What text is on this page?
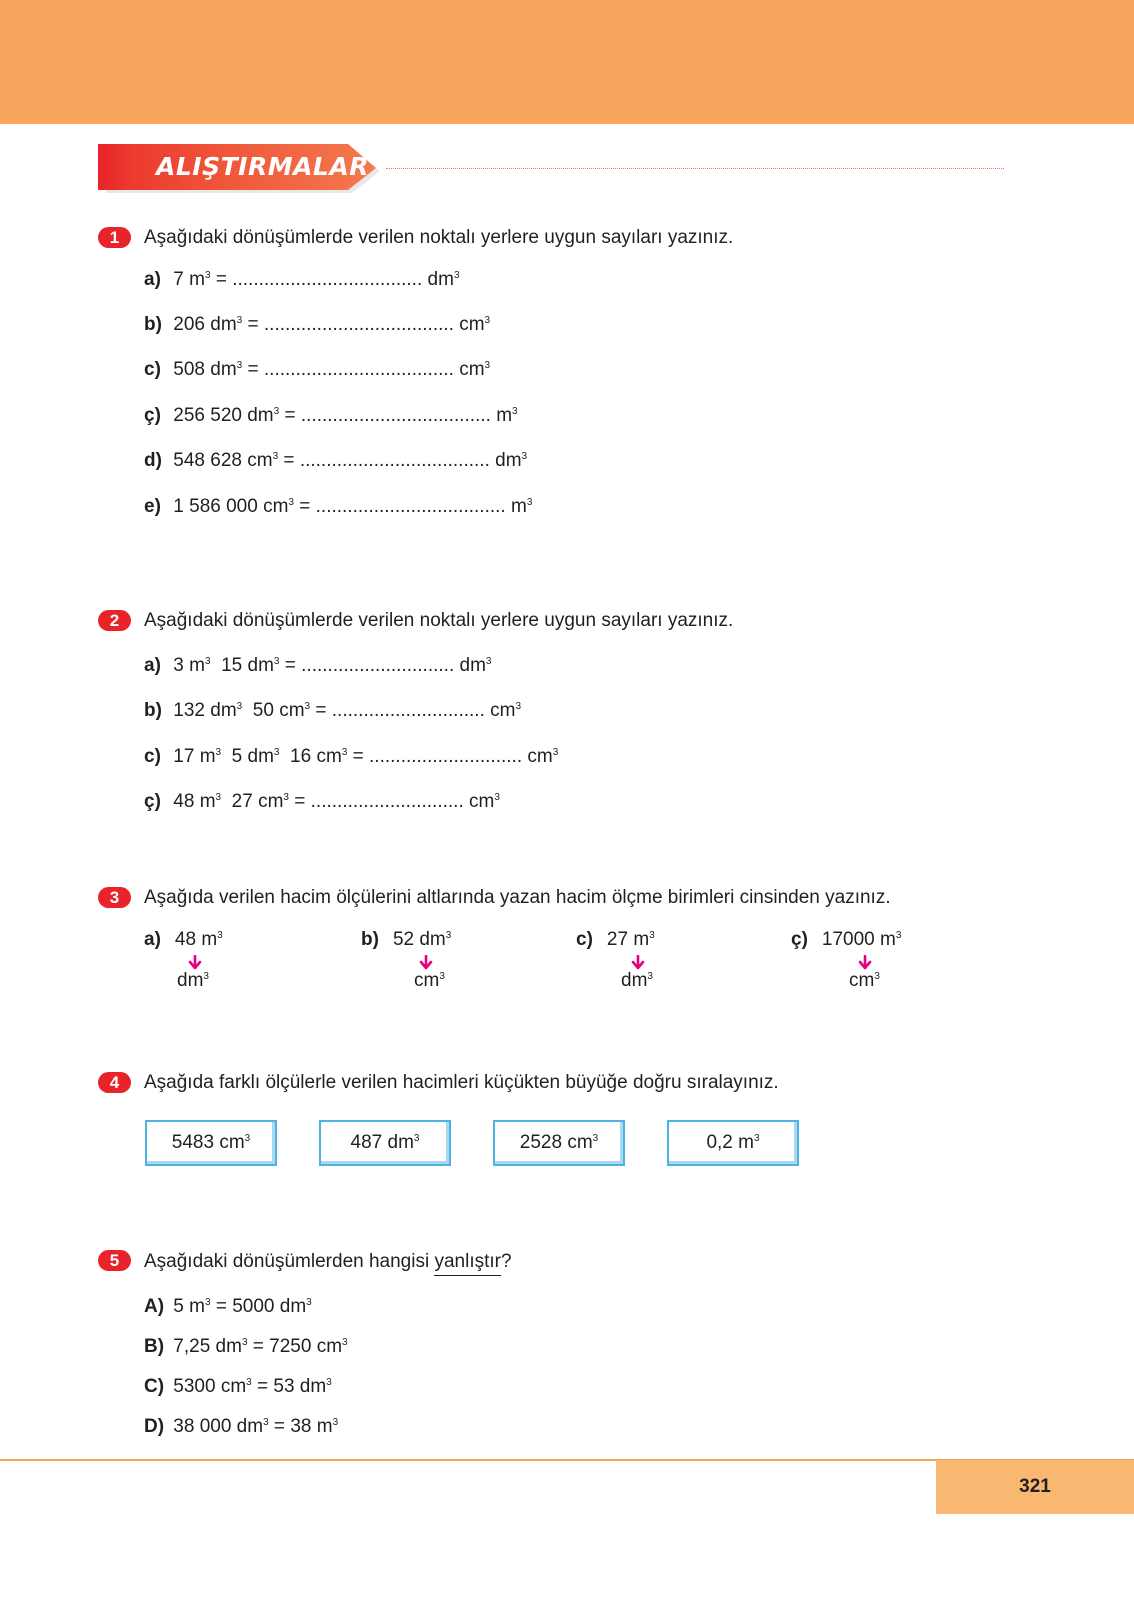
ALIŞTIRMALAR
1	Aşağıdaki dönüşümlerde verilen noktalı yerlere uygun sayıları yazınız.
a) 7 $m^3$ = .................................... $dm^3$
b) 206 $dm^3$ = .................................... $cm^3$
c) 508 $dm^3$ = .................................... $cm^3$
ç) 256 520 $dm^3$ = .................................... $m^3$
d) 548 628 $cm^3$ = .................................... $dm^3$
e) 1 586 000 $cm^3$ = .................................... $m^3$
2	Aşağıdaki dönüşümlerde verilen noktalı yerlere uygun sayıları yazınız.
a) 3 $m^3$ 15 $dm^3$ = ............................. $dm^3$
b) 132 $dm^3$ 50 $cm^3$ = ............................. $cm^3$
c) 17 $m^3$ 5 $dm^3$ 16 $cm^3$ = ............................. $cm^3$
ç) 48 $m^3$ 27 $cm^3$ = ............................. $cm^3$
3	Aşağıda verilen hacim ölçülerini altlarında yazan hacim ölçme birimleri cinsinden yazınız.
a) 48 $m^3$
$dm^3$
b) 52 $dm^3$
$cm^3$
c) 27 $m^3$
$dm^3$
ç) 17000 $m^3$
$cm^3$
4	Aşağıda farklı ölçülerle verilen hacimleri küçükten büyüğe doğru sıralayınız.
5483 $cm^3$	487 $dm^3$	2528 $cm^3$	0,2 $m^3$
5	Aşağıdaki dönüşümlerden hangisi yanlıştır?
A) 5 $m^3 = 5000$ $dm^3$
B) 7,25 $dm^3 = 7250$ $cm^3$
C) 5300 $cm^3 = 53$ $dm^3$
D) 38 000 $dm^3 = 38$ $m^3$
321
